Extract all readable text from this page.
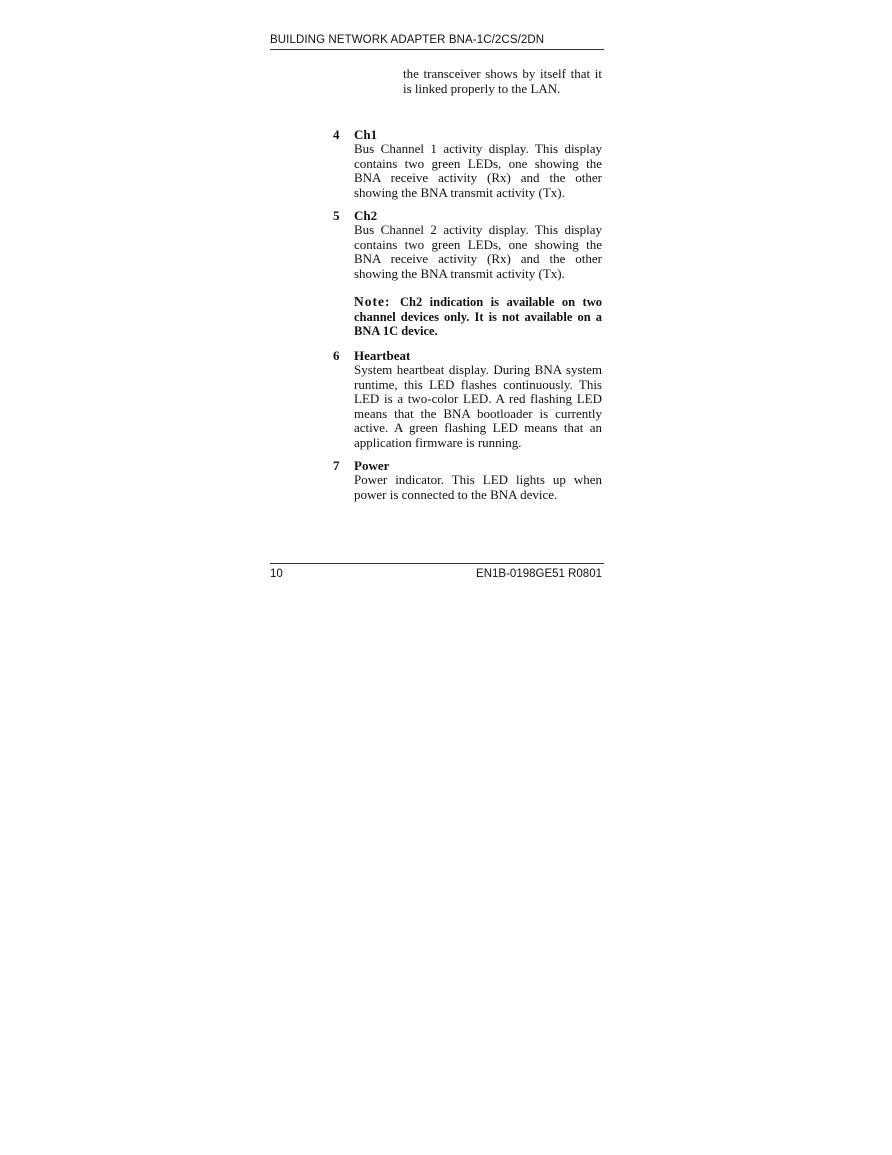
BUILDING NETWORK ADAPTER BNA-1C/2CS/2DN

the transceiver shows by itself that it is linked properly to the LAN.

4 Ch1

Bus Channel 1 activity display. This display contains two green LEDs, one showing the BNA receive activity (Rx) and the other showing the BNA transmit activity (Tx).

5 Ch2

Bus Channel 2 activity display. This display contains two green LEDs, one showing the BNA receive activity (Rx) and the other showing the BNA transmit activity (Tx).

Note: Ch2 indication is available on two channel devices only. It is not available on a BNA 1C device.
6 Heartbeat

System heartbeat display. During BNA system runtime, this LED flashes continuously. This LED is a two-color LED. A red flashing LED means that the BNA bootloader is currently active. A green flashing LED means that an application firmware is running.

7 Power

Power indicator. This LED lights up when power is connected to the BNA device.

10	EN1B-0198GE51 R0801
